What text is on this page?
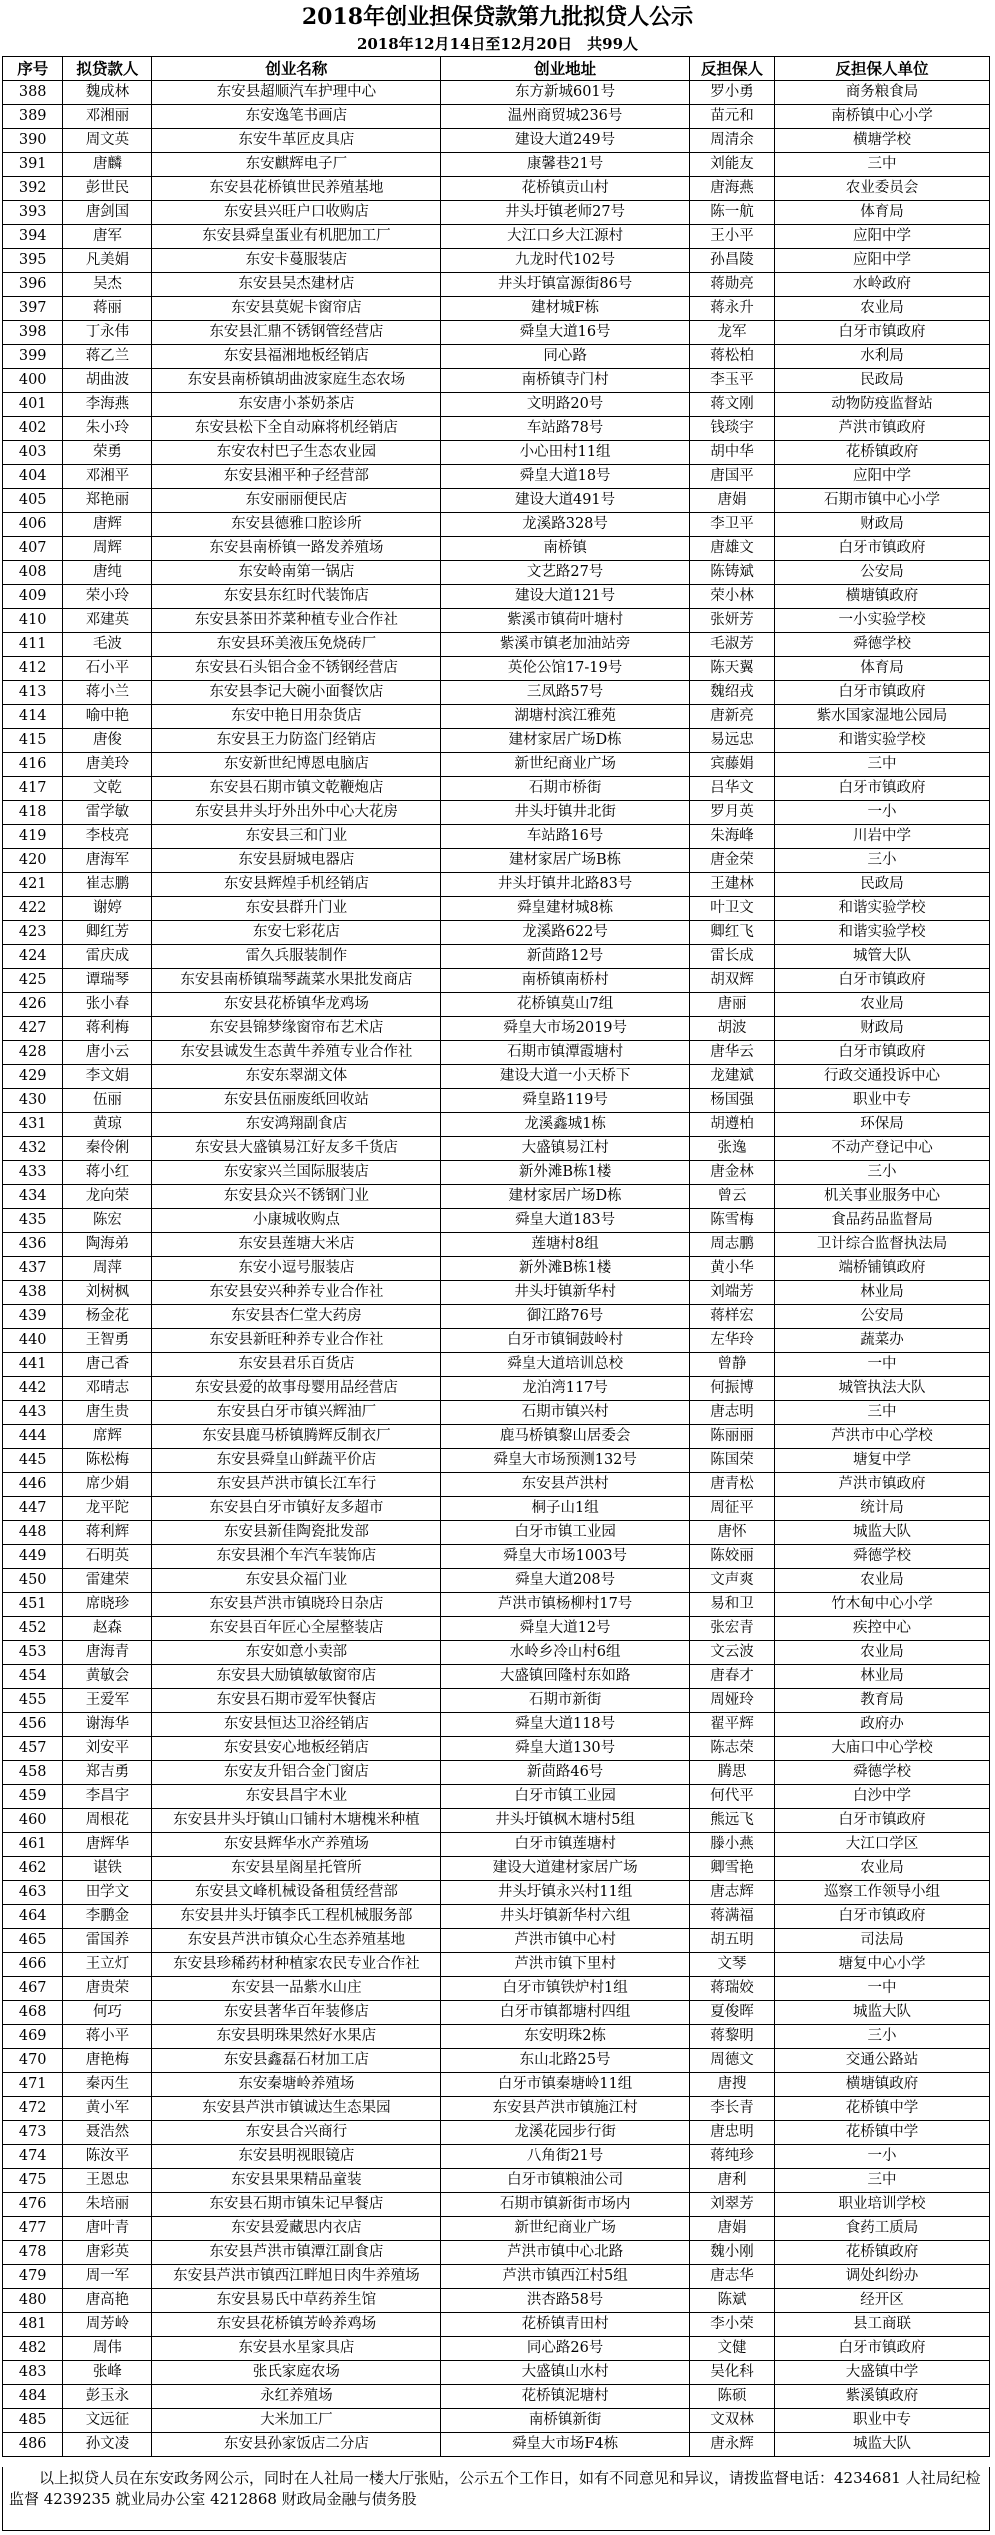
2018年创业担保贷款第九批拟贷人公示
2018年12月14日至12月20日　共99人
序号	拟贷款人	创业名称	创业地址	反担保人	反担保人单位
388	魏成林	东安县超顺汽车护理中心	东方新城601号	罗小勇	商务粮食局
389	邓湘丽	东安逸笔书画店	温州商贸城236号	苗元和	南桥镇中心小学
390	周文英	东安牛革匠皮具店	建设大道249号	周清余	横塘学校
391	唐麟	东安麒辉电子厂	康馨巷21号	刘能友	三中
392	彭世民	东安县花桥镇世民养殖基地	花桥镇贡山村	唐海燕	农业委员会
393	唐剑国	东安县兴旺户口收购店	井头圩镇老师27号	陈一航	体育局
394	唐军	东安县舜皇蛋业有机肥加工厂	大江口乡大江源村	王小平	应阳中学
395	凡美娟	东安卡蔓服装店	九龙时代102号	孙昌陵	应阳中学
396	吴杰	东安县吴杰建材店	井头圩镇富源街86号	蒋勋亮	水岭政府
397	蒋丽	东安县莫妮卡窗帘店	建材城F栋	蒋永升	农业局
398	丁永伟	东安县汇鼎不锈钢管经营店	舜皇大道16号	龙军	白牙市镇政府
399	蒋乙兰	东安县福湘地板经销店	同心路	蒋松柏	水利局
400	胡曲波	东安县南桥镇胡曲波家庭生态农场	南桥镇寺门村	李玉平	民政局
401	李海燕	东安唐小茶奶茶店	文明路20号	蒋文刚	动物防疫监督站
402	朱小玲	东安县松下全自动麻将机经销店	车站路78号	钱琰宇	芦洪市镇政府
403	荣勇	东安农村巴子生态农业园	小心田村11组	胡中华	花桥镇政府
404	邓湘平	东安县湘平种子经营部	舜皇大道18号	唐国平	应阳中学
405	郑艳丽	东安丽丽便民店	建设大道491号	唐娟	石期市镇中心小学
406	唐辉	东安县德雅口腔诊所	龙溪路328号	李卫平	财政局
407	周辉	东安县南桥镇一路发养殖场	南桥镇	唐雄文	白牙市镇政府
408	唐纯	东安岭南第一锅店	文艺路27号	陈铸斌	公安局
409	荣小玲	东安县东红时代装饰店	建设大道121号	荣小林	横塘镇政府
410	邓建英	东安县茶田芥菜种植专业合作社	紫溪市镇荷叶塘村	张妍芳	一小实验学校
411	毛波	东安县环美液压免烧砖厂	紫溪市镇老加油站旁	毛淑芳	舜德学校
412	石小平	东安县石头铝合金不锈钢经营店	英伦公馆17-19号	陈天翼	体育局
413	蒋小兰	东安县李记大碗小面餐饮店	三凤路57号	魏绍戎	白牙市镇政府
414	喻中艳	东安中艳日用杂货店	湖塘村滨江雅苑	唐新亮	紫水国家湿地公园局
415	唐俊	东安县王力防盗门经销店	建材家居广场D栋	易远忠	和谐实验学校
416	唐美玲	东安新世纪博恩电脑店	新世纪商业广场	宾藤娟	三中
417	文乾	东安县石期市镇文乾鞭炮店	石期市桥街	吕华文	白牙市镇政府
418	雷学敏	东安县井头圩外出外中心大花房	井头圩镇井北街	罗月英	一小
419	李枝亮	东安县三和门业	车站路16号	朱海峰	川岩中学
420	唐海军	东安县厨城电器店	建材家居广场B栋	唐金荣	三小
421	崔志鹏	东安县辉煌手机经销店	井头圩镇井北路83号	王建林	民政局
422	谢婷	东安县群升门业	舜皇建材城8栋	叶卫文	和谐实验学校
423	卿红芳	东安七彩花店	龙溪路622号	卿红飞	和谐实验学校
424	雷庆成	雷久兵服装制作	新茴路12号	雷长成	城管大队
425	谭瑞琴	东安县南桥镇瑞琴蔬菜水果批发商店	南桥镇南桥村	胡双辉	白牙市镇政府
426	张小春	东安县花桥镇华龙鸡场	花桥镇莫山7组	唐丽	农业局
427	蒋利梅	东安县锦梦缘窗帘布艺术店	舜皇大市场2019号	胡波	财政局
428	唐小云	东安县诚发生态黄牛养殖专业合作社	石期市镇潭霞塘村	唐华云	白牙市镇政府
429	李文娟	东安东翠湖文体	建设大道一小天桥下	龙建斌	行政交通投诉中心
430	伍丽	东安县伍丽废纸回收站	舜皇路119号	杨国强	职业中专
431	黄琼	东安鸿翔副食店	龙溪鑫城1栋	胡遵柏	环保局
432	秦伶俐	东安县大盛镇易江好友多千货店	大盛镇易江村	张逸	不动产登记中心
433	蒋小红	东安家兴兰国际服装店	新外滩B栋1楼	唐金林	三小
434	龙向荣	东安县众兴不锈钢门业	建材家居广场D栋	曾云	机关事业服务中心
435	陈宏	小康城收购点	舜皇大道183号	陈雪梅	食品药品监督局
436	陶海弟	东安县莲塘大米店	莲塘村8组	周志鹏	卫计综合监督执法局
437	周萍	东安小逗号服装店	新外滩B栋1楼	黄小华	端桥铺镇政府
438	刘树枫	东安县安兴种养专业合作社	井头圩镇新华村	刘端芳	林业局
439	杨金花	东安县杏仁堂大药房	御江路76号	蒋样宏	公安局
440	王智勇	东安县新旺种养专业合作社	白牙市镇铜鼓岭村	左华玲	蔬菜办
441	唐己香	东安县君乐百货店	舜皇大道培训总校	曾静	一中
442	邓晴志	东安县爱的故事母婴用品经营店	龙泊湾117号	何振博	城管执法大队
443	唐生贵	东安县白牙市镇兴辉油厂	石期市镇兴村	唐志明	三中
444	席辉	东安县鹿马桥镇腾辉反制衣厂	鹿马桥镇黎山居委会	陈丽丽	芦洪市中心学校
445	陈松梅	东安县舜皇山鲜蔬平价店	舜皇大市场预测132号	陈国荣	塘复中学
446	席少娟	东安县芦洪市镇长江车行	东安县芦洪村	唐青松	芦洪市镇政府
447	龙平陀	东安县白牙市镇好友多超市	桐子山1组	周征平	统计局
448	蒋利辉	东安县新佳陶瓷批发部	白牙市镇工业园	唐怀	城监大队
449	石明英	东安县湘个车汽车装饰店	舜皇大市场1003号	陈姣丽	舜德学校
450	雷建荣	东安县众福门业	舜皇大道208号	文声爽	农业局
451	席晓珍	东安县芦洪市镇晓玲日杂店	芦洪市镇杨柳村17号	易和卫	竹木甸中心小学
452	赵森	东安县百年匠心全屋整装店	舜皇大道12号	张宏青	疾控中心
453	唐海青	东安如意小卖部	水岭乡冷山村6组	文云波	农业局
454	黄敏会	东安县大励镇敏敏窗帘店	大盛镇回隆村东如路	唐春才	林业局
455	王爱军	东安县石期市爱军快餐店	石期市新街	周娅玲	教育局
456	谢海华	东安县恒达卫浴经销店	舜皇大道118号	翟平辉	政府办
457	刘安平	东安县安心地板经销店	舜皇大道130号	陈志荣	大庙口中心学校
458	郑吉勇	东安友升铝合金门窗店	新茴路46号	腾思	舜德学校
459	李昌宇	东安县昌宇木业	白牙市镇工业园	何代平	白沙中学
460	周根花	东安县井头圩镇山口铺村木塘槐米种植	井头圩镇枫木塘村5组	熊远飞	白牙市镇政府
461	唐辉华	东安县辉华水产养殖场	白牙市镇莲塘村	滕小燕	大江口学区
462	谌铁	东安县星阁星托管所	建设大道建材家居广场	卿雪艳	农业局
463	田学文	东安县文峰机械设备租赁经营部	井头圩镇永兴村11组	唐志辉	巡察工作领导小组
464	李鹏金	东安县井头圩镇李氏工程机械服务部	井头圩镇新华村六组	蒋满福	白牙市镇政府
465	雷国养	东安县芦洪市镇众心生态养殖基地	芦洪市镇中心村	胡五明	司法局
466	王立灯	东安县珍稀药材种植家农民专业合作社	芦洪市镇下里村	文琴	塘复中心小学
467	唐贵荣	东安县一品紫水山庄	白牙市镇铁炉村1组	蒋瑞姣	一中
468	何巧	东安县著华百年装修店	白牙市镇都塘村四组	夏俊晖	城监大队
469	蒋小平	东安县明珠果然好水果店	东安明珠2栋	蒋黎明	三小
470	唐艳梅	东安县鑫磊石材加工店	东山北路25号	周德文	交通公路站
471	秦丙生	东安秦塘岭养殖场	白牙市镇秦塘岭11组	唐搜	横塘镇政府
472	黄小军	东安县芦洪市镇诚达生态果园	东安县芦洪市镇施江村	李长青	花桥镇中学
473	聂浩然	东安县合兴商行	龙溪花园步行街	唐忠明	花桥镇中学
474	陈汝平	东安县明视眼镜店	八角街21号	蒋纯珍	一小
475	王恩忠	东安县果果精品童装	白牙市镇粮油公司	唐利	三中
476	朱培丽	东安县石期市镇朱记早餐店	石期市镇新街市场内	刘翠芳	职业培训学校
477	唐叶青	东安县爱藏思内衣店	新世纪商业广场	唐娟	食药工质局
478	唐彩英	东安县芦洪市镇潭江副食店	芦洪市镇中心北路	魏小刚	花桥镇政府
479	周一军	东安县芦洪市镇西江畔旭日肉牛养殖场	芦洪市镇西江村5组	唐志华	调处纠纷办
480	唐高艳	东安县易氏中草药养生馆	洪杏路58号	陈斌	经开区
481	周芳岭	东安县花桥镇芳岭养鸡场	花桥镇青田村	李小荣	县工商联
482	周伟	东安县水星家具店	同心路26号	文健	白牙市镇政府
483	张峰	张氏家庭农场	大盛镇山水村	吴化科	大盛镇中学
484	彭玉永	永红养殖场	花桥镇泥塘村	陈硕	紫溪镇政府
485	文远征	大米加工厂	南桥镇新街	文双林	职业中专
486	孙文凌	东安县孙家饭店二分店	舜皇大市场F4栋	唐永辉	城监大队
以上拟贷人员在东安政务网公示，同时在人社局一楼大厅张贴，公示五个工作日，如有不同意见和异议，请拨监督电话：4234681 人社局纪检监督 4239235 就业局办公室 4212868 财政局金融与债务股
